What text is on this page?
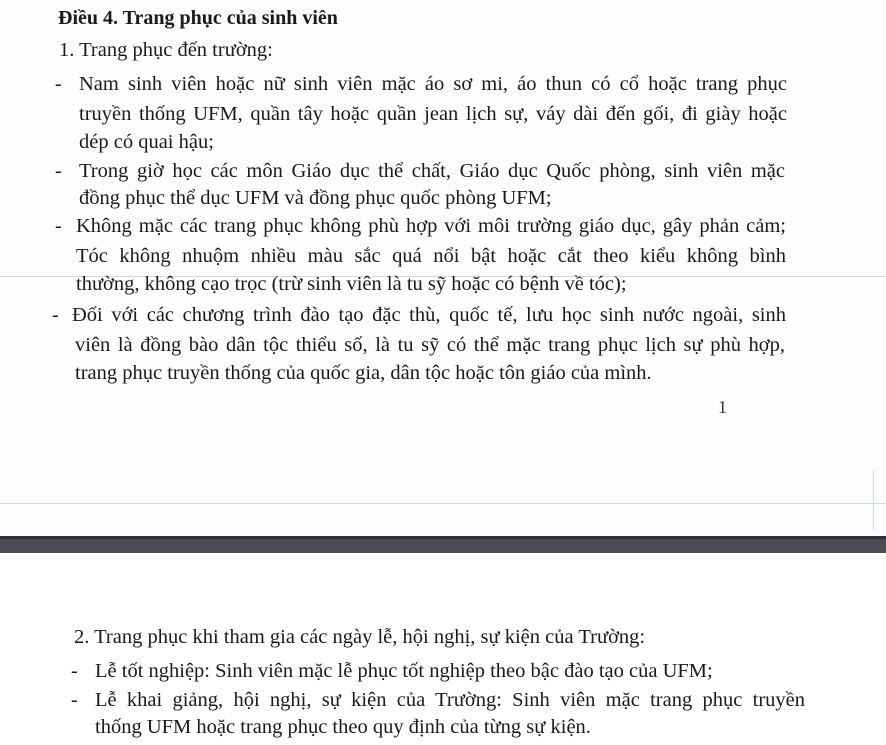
Điều 4. Trang phục của sinh viên

1. Trang phục đến trường:

- Nam sinh viên hoặc nữ sinh viên mặc áo sơ mi, áo thun có cổ hoặc trang phục

truyền thống UFM, quần tây hoặc quần jean lịch sự, váy dài đến gối, đi giày hoặc

dép có quai hậu;

- Trong giờ học các môn Giáo dục thể chất, Giáo dục Quốc phòng, sinh viên mặc

đồng phục thể dục UFM và đồng phục quốc phòng UFM;

- Không mặc các trang phục không phù hợp với môi trường giáo dục, gây phản cảm;

Tóc không nhuộm nhiều màu sắc quá nổi bật hoặc cắt theo kiểu không bình

thường, không cạo trọc (trừ sinh viên là tu sỹ hoặc có bệnh về tóc);

- Đối với các chương trình đào tạo đặc thù, quốc tế, lưu học sinh nước ngoài, sinh

viên là đồng bào dân tộc thiểu số, là tu sỹ có thể mặc trang phục lịch sự phù hợp,

trang phục truyền thống của quốc gia, dân tộc hoặc tôn giáo của mình.

1

2. Trang phục khi tham gia các ngày lễ, hội nghị, sự kiện của Trường:

- Lễ tốt nghiệp: Sinh viên mặc lễ phục tốt nghiệp theo bậc đào tạo của UFM;

- Lễ khai giảng, hội nghị, sự kiện của Trường: Sinh viên mặc trang phục truyền

thống UFM hoặc trang phục theo quy định của từng sự kiện.
